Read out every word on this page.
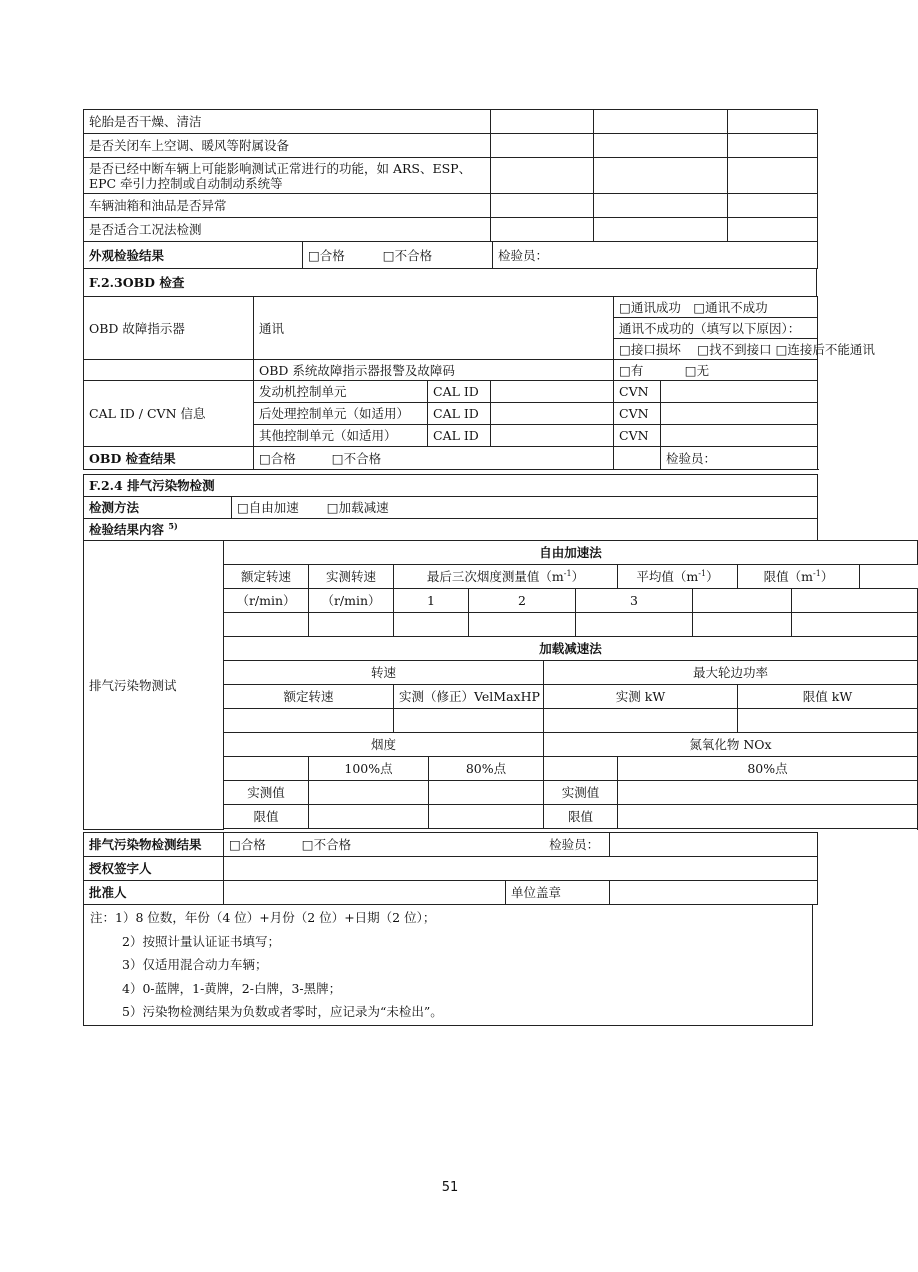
轮胎是否干燥、清洁			
是否关闭车上空调、暖风等附属设备			
是否已经中断车辆上可能影响测试正常进行的功能，如 ARS、ESP、EPC 牵引力控制或自动制动系统等			
车辆油箱和油品是否异常			
是否适合工况法检测			
外观检验结果	□合格	□不合格	检验员：
F.2.3OBD 检查
OBD 故障指示器	通讯			□通讯成功　□通讯不成功	
				通讯不成功的（填写以下原因）：	
				□接口损坏　 □找不到接口 □连接后不能通讯	
	OBD 系统故障指示器报警及故障码			□有　　 　□无	
CAL ID / CVN 信息	发动机控制单元	CAL ID		CVN	
	后处理控制单元（如适用）	CAL ID		CVN	
	其他控制单元（如适用）	CAL ID		CVN	
OBD 检查结果	□合格 □不合格				检验员：
F.2.4 排气污染物检测
检测方法	□自由加速 □加载减速
检验结果内容 $^{5)}$
排气污染物测试	自由加速法										
	额定转速	实测转速	最后三次烟度测量值$(m^{-1})$					平均值$(m^{-1})$		限值$(m^{-1})$	
	（r/min）	（r/min）	1		2		3				

	加载减速法										
	转速					最大轮边功率					
	额定转速		实测（修正）VelMaxHP			实测 kW				限值 kW	

	烟度					氮氧化物 NOx					
		100%点		80%点				80%点			
	实测值					实测值					
	限值					限值					

排气污染物检测结果	□合格 □不合格 检验员：		
授权签字人			
批准人		单位盖章	
注：1）8 位数，年份（4 位）+月份（2 位）+日期（2 位）；
2）按照计量认证证书填写；
3）仅适用混合动力车辆；
4）0-蓝牌，1-黄牌，2-白牌，3-黑牌；
5）污染物检测结果为负数或者零时，应记录为“未检出”。
51
